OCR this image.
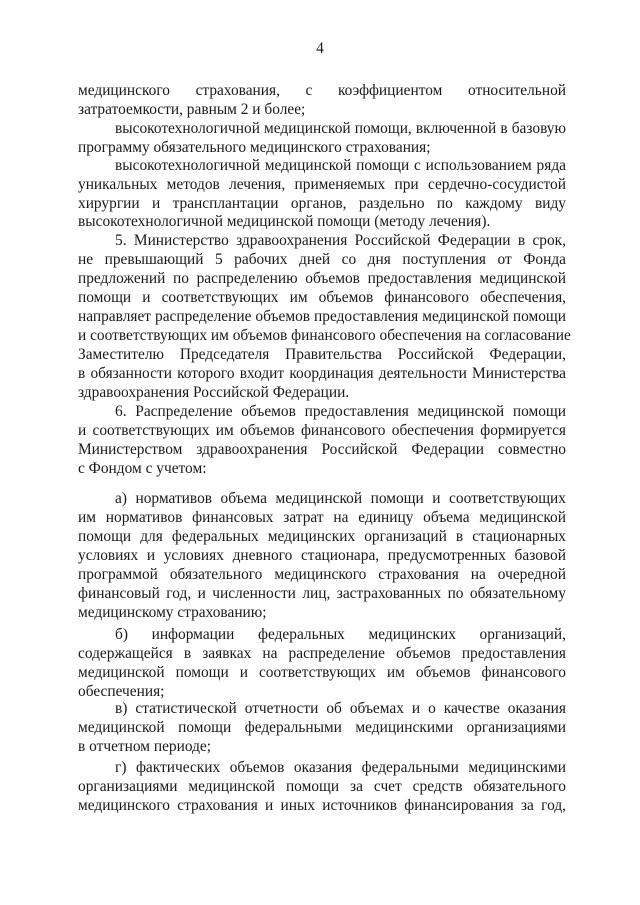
4
медицинского страхования, с коэффициентом относительной
затратоемкости, равным 2 и более;
высокотехнологичной медицинской помощи, включенной в базовую
программу обязательного медицинского страхования;
высокотехнологичной медицинской помощи с использованием ряда
уникальных методов лечения, применяемых при сердечно-сосудистой
хирургии и трансплантации органов, раздельно по каждому виду
высокотехнологичной медицинской помощи (методу лечения).
5. Министерство здравоохранения Российской Федерации в срок,
не превышающий 5 рабочих дней со дня поступления от Фонда
предложений по распределению объемов предоставления медицинской
помощи и соответствующих им объемов финансового обеспечения,
направляет распределение объемов предоставления медицинской помощи
и соответствующих им объемов финансового обеспечения на согласование
Заместителю Председателя Правительства Российской Федерации,
в обязанности которого входит координация деятельности Министерства
здравоохранения Российской Федерации.
6. Распределение объемов предоставления медицинской помощи
и соответствующих им объемов финансового обеспечения формируется
Министерством здравоохранения Российской Федерации совместно
с Фондом с учетом:
а) нормативов объема медицинской помощи и соответствующих
им нормативов финансовых затрат на единицу объема медицинской
помощи для федеральных медицинских организаций в стационарных
условиях и условиях дневного стационара, предусмотренных базовой
программой обязательного медицинского страхования на очередной
финансовый год, и численности лиц, застрахованных по обязательному
медицинскому страхованию;
б) информации федеральных медицинских организаций,
содержащейся в заявках на распределение объемов предоставления
медицинской помощи и соответствующих им объемов финансового
обеспечения;
в) статистической отчетности об объемах и о качестве оказания
медицинской помощи федеральными медицинскими организациями
в отчетном периоде;
г) фактических объемов оказания федеральными медицинскими
организациями медицинской помощи за счет средств обязательного
медицинского страхования и иных источников финансирования за год,
